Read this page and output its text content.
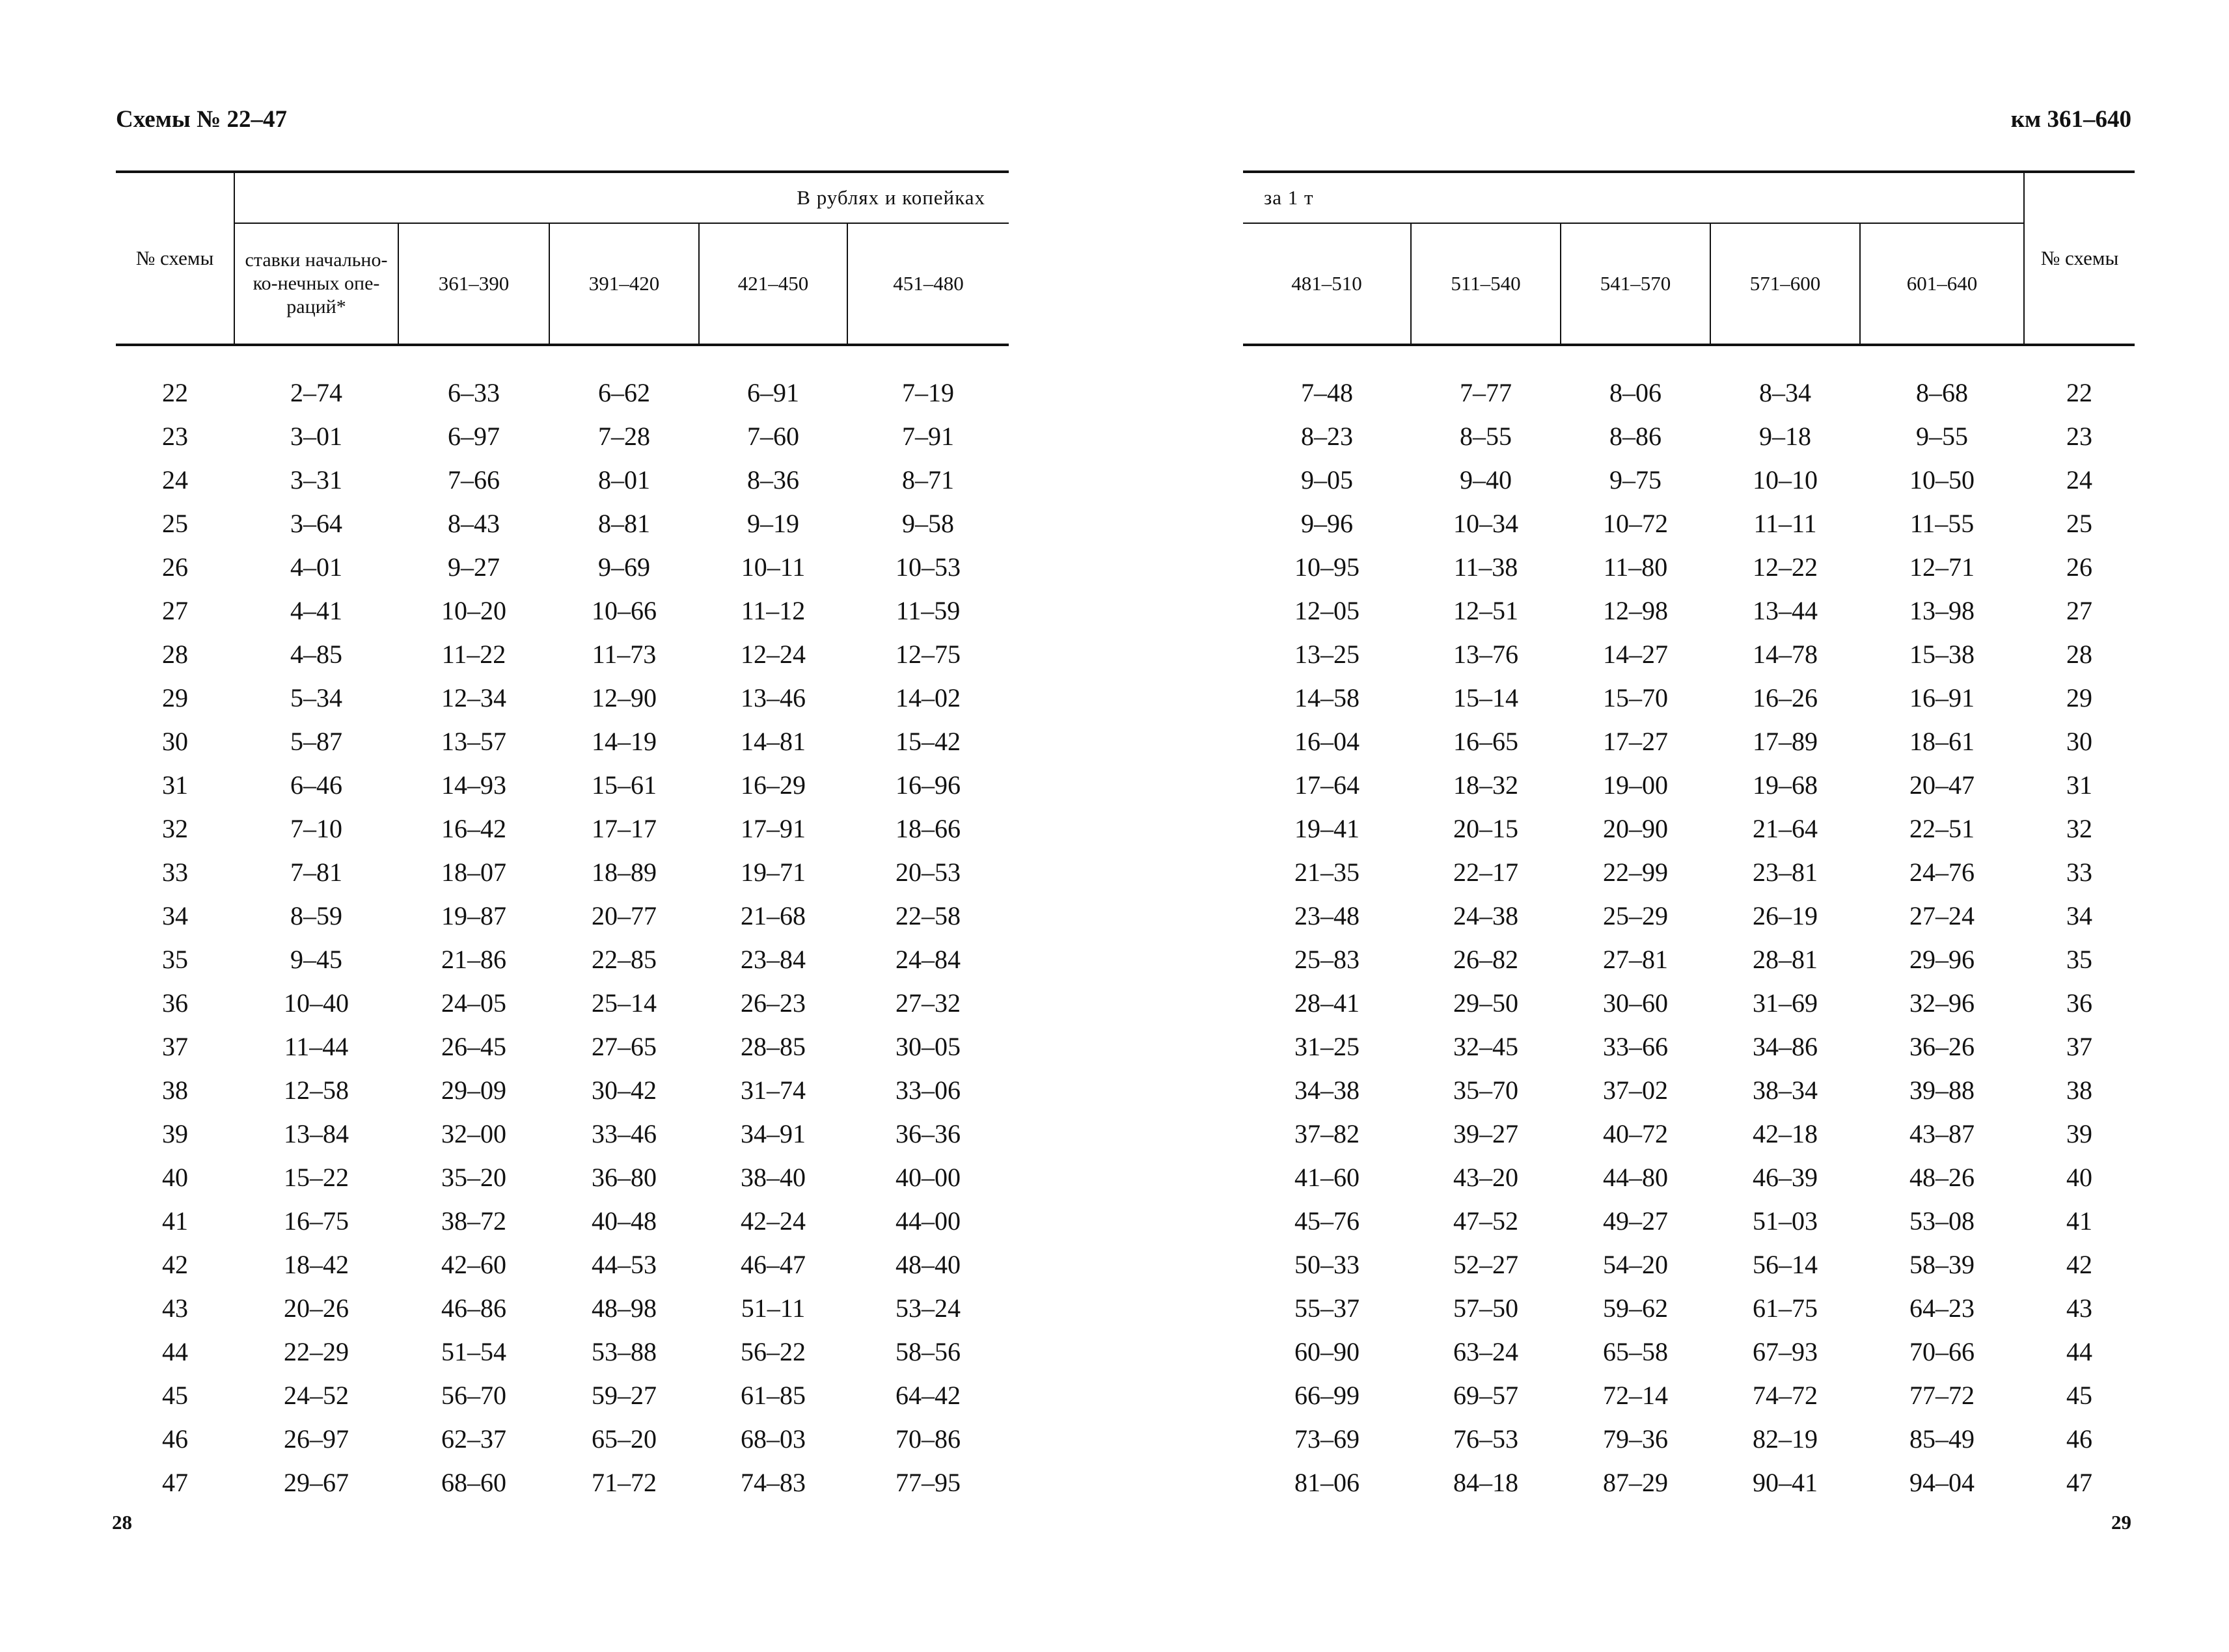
Схемы № 22–47
№ схемы	В рублях и копейках				
	ставки начально-ко-нечных опе-раций*	361–390	391–420	421–450	451–480
22	2–74	6–33	6–62	6–91	7–19
23	3–01	6–97	7–28	7–60	7–91
24	3–31	7–66	8–01	8–36	8–71
25	3–64	8–43	8–81	9–19	9–58
26	4–01	9–27	9–69	10–11	10–53
27	4–41	10–20	10–66	11–12	11–59
28	4–85	11–22	11–73	12–24	12–75
29	5–34	12–34	12–90	13–46	14–02
30	5–87	13–57	14–19	14–81	15–42
31	6–46	14–93	15–61	16–29	16–96
32	7–10	16–42	17–17	17–91	18–66
33	7–81	18–07	18–89	19–71	20–53
34	8–59	19–87	20–77	21–68	22–58
35	9–45	21–86	22–85	23–84	24–84
36	10–40	24–05	25–14	26–23	27–32
37	11–44	26–45	27–65	28–85	30–05
38	12–58	29–09	30–42	31–74	33–06
39	13–84	32–00	33–46	34–91	36–36
40	15–22	35–20	36–80	38–40	40–00
41	16–75	38–72	40–48	42–24	44–00
42	18–42	42–60	44–53	46–47	48–40
43	20–26	46–86	48–98	51–11	53–24
44	22–29	51–54	53–88	56–22	58–56
45	24–52	56–70	59–27	61–85	64–42
46	26–97	62–37	65–20	68–03	70–86
47	29–67	68–60	71–72	74–83	77–95
28
км 361–640
за 1 т					№ схемы
481–510	511–540	541–570	571–600	601–640	
7–48	7–77	8–06	8–34	8–68	22
8–23	8–55	8–86	9–18	9–55	23
9–05	9–40	9–75	10–10	10–50	24
9–96	10–34	10–72	11–11	11–55	25
10–95	11–38	11–80	12–22	12–71	26
12–05	12–51	12–98	13–44	13–98	27
13–25	13–76	14–27	14–78	15–38	28
14–58	15–14	15–70	16–26	16–91	29
16–04	16–65	17–27	17–89	18–61	30
17–64	18–32	19–00	19–68	20–47	31
19–41	20–15	20–90	21–64	22–51	32
21–35	22–17	22–99	23–81	24–76	33
23–48	24–38	25–29	26–19	27–24	34
25–83	26–82	27–81	28–81	29–96	35
28–41	29–50	30–60	31–69	32–96	36
31–25	32–45	33–66	34–86	36–26	37
34–38	35–70	37–02	38–34	39–88	38
37–82	39–27	40–72	42–18	43–87	39
41–60	43–20	44–80	46–39	48–26	40
45–76	47–52	49–27	51–03	53–08	41
50–33	52–27	54–20	56–14	58–39	42
55–37	57–50	59–62	61–75	64–23	43
60–90	63–24	65–58	67–93	70–66	44
66–99	69–57	72–14	74–72	77–72	45
73–69	76–53	79–36	82–19	85–49	46
81–06	84–18	87–29	90–41	94–04	47
29
